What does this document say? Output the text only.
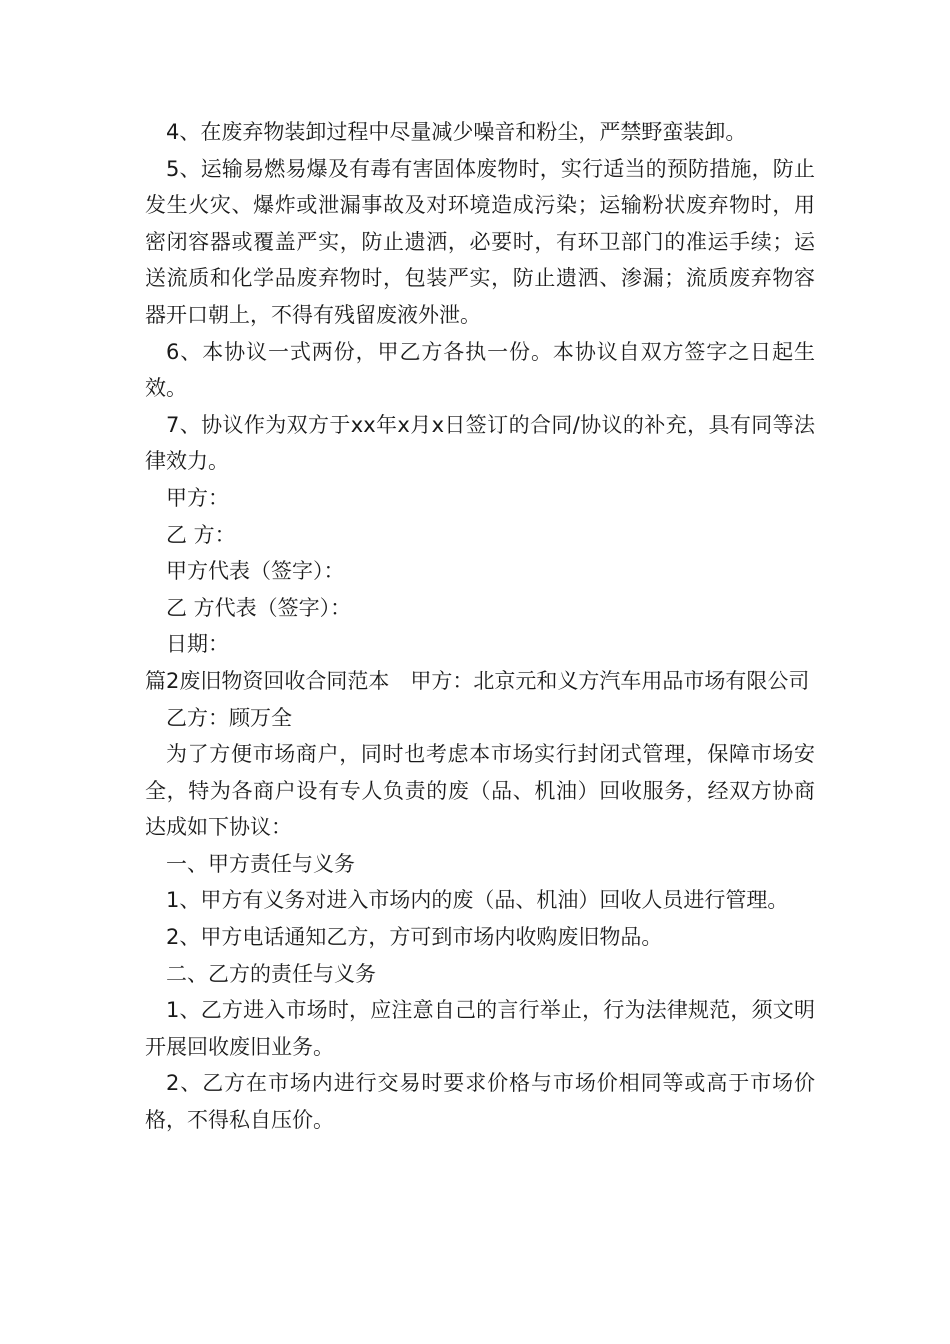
4、在废弃物装卸过程中尽量减少噪音和粉尘，严禁野蛮装卸。

5、运输易燃易爆及有毒有害固体废物时，实行适当的预防措施，防止发生火灾、爆炸或泄漏事故及对环境造成污染；运输粉状废弃物时，用密闭容器或覆盖严实，防止遗洒，必要时，有环卫部门的准运手续；运送流质和化学品废弃物时，包装严实，防止遗洒、渗漏；流质废弃物容器开口朝上，不得有残留废液外泄。

6、本协议一式两份，甲乙方各执一份。本协议自双方签字之日起生效。

7、协议作为双方于xx年x月x日签订的合同/协议的补充，具有同等法律效力。

甲方：

乙 方：

甲方代表（签字）：

乙 方代表（签字）：

日期：

篇2废旧物资回收合同范本　甲方：北京元和义方汽车用品市场有限公司

乙方：顾万全

为了方便市场商户，同时也考虑本市场实行封闭式管理，保障市场安全，特为各商户设有专人负责的废（品、机油）回收服务，经双方协商达成如下协议：

一、甲方责任与义务

1、甲方有义务对进入市场内的废（品、机油）回收人员进行管理。

2、甲方电话通知乙方，方可到市场内收购废旧物品。

二、乙方的责任与义务

1、乙方进入市场时，应注意自己的言行举止，行为法律规范，须文明开展回收废旧业务。

2、乙方在市场内进行交易时要求价格与市场价相同等或高于市场价格，不得私自压价。
